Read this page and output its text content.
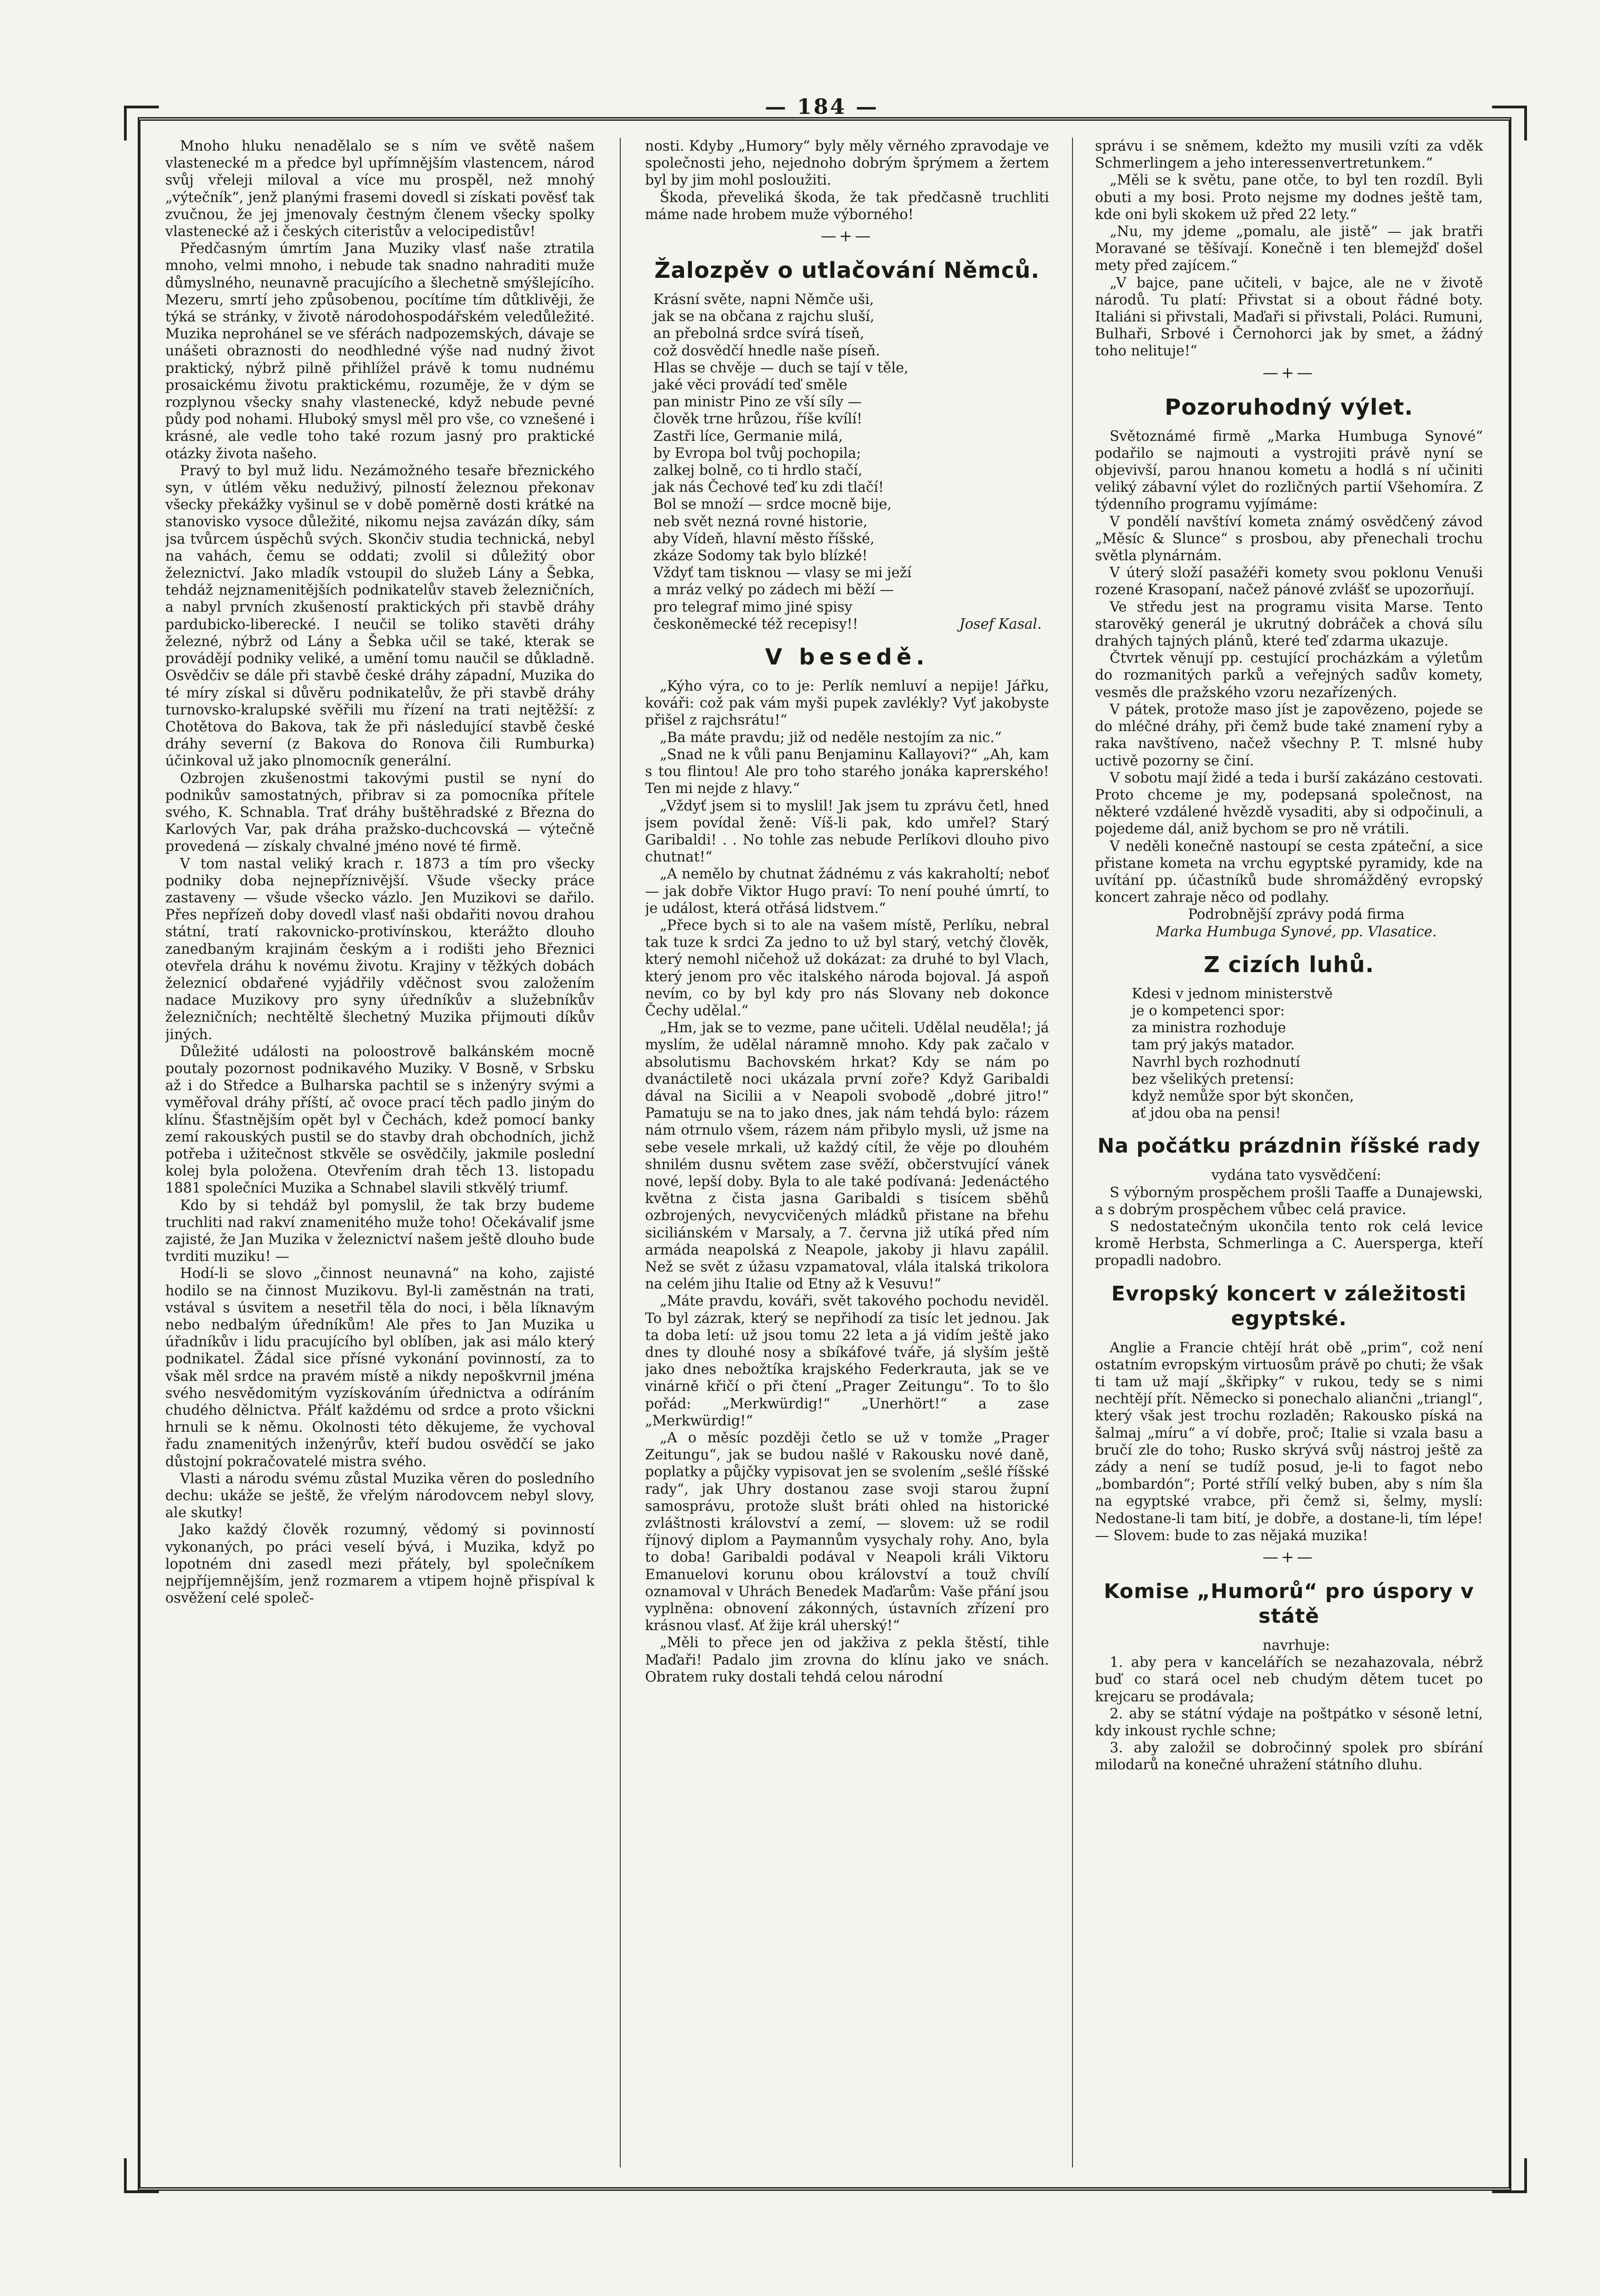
— 184 —

Mnoho hluku nenadělalo se s ním ve světě našem vlastenecké m a předce byl upřímnějším vlastencem, národ svůj vřeleji miloval a více mu prospěl, než mnohý „výtečník“, jenž planými frasemi dovedl si získati pověsť tak zvučnou, že jej jmenovaly čestným členem všecky spolky vlastenecké až i českých citeristův a velocipedistův!

Předčasným úmrtím Jana Muziky vlasť naše ztratila mnoho, velmi mnoho, i nebude tak snadno nahraditi muže důmyslného, neunavně pracujícího a šlechetně smýšlejícího. Mezeru, smrtí jeho způsobenou, pocítíme tím důtklivěji, že týká se stránky, v životě národohospodářském veledůležité. Muzika neprohánel se ve sférách nadpozemských, dávaje se unášeti obraznosti do neodhledné výše nad nudný život praktický, nýbrž pilně přihlížel právě k tomu nudnému prosaickému životu praktickému, rozuměje, že v dým se rozplynou všecky snahy vlastenecké, když nebude pevné půdy pod nohami. Hluboký smysl měl pro vše, co vznešené i krásné, ale vedle toho také rozum jasný pro praktické otázky života našeho.

Pravý to byl muž lidu. Nezámožného tesaře březnického syn, v útlém věku neduživý, pilností železnou překonav všecky překážky vyšinul se v době poměrně dosti krátké na stanovisko vysoce důležité, nikomu nejsa zavázán díky, sám jsa tvůrcem úspěchů svých. Skončiv studia technická, nebyl na vahách, čemu se oddati; zvolil si důležitý obor železnictví. Jako mladík vstoupil do služeb Lány a Šebka, tehdáž nejznamenitějších podnikatelův staveb železničních, a nabyl prvních zkušeností praktických při stavbě dráhy pardubicko-liberecké. I neučil se toliko stavěti dráhy železné, nýbrž od Lány a Šebka učil se také, kterak se provádějí podniky veliké, a umění tomu naučil se důkladně. Osvědčiv se dále při stavbě české dráhy západní, Muzika do té míry získal si důvěru podnikatelův, že při stavbě dráhy turnovsko-kralupské svěřili mu řízení na trati nejtěžší: z Chotětova do Bakova, tak že při následující stavbě české dráhy severní (z Bakova do Ronova čili Rumburka) účinkoval už jako plnomocník generální.

Ozbrojen zkušenostmi takovými pustil se nyní do podnikův samostatných, přibrav si za pomocníka přítele svého, K. Schnabla. Trať dráhy buštěhradské z Března do Karlových Var, pak dráha pražsko-duchcovská — výtečně provedená — získaly chvalné jméno nové té firmě.

V tom nastal veliký krach r. 1873 a tím pro všecky podniky doba nejnepříznivější. Všude všecky práce zastaveny — všude všecko vázlo. Jen Muzikovi se dařilo. Přes nepřízeň doby dovedl vlasť naši obdařiti novou drahou státní, tratí rakovnicko-protivínskou, kterážto dlouho zanedbaným krajinám českým a i rodišti jeho Březnici otevřela dráhu k novému životu. Krajiny v těžkých dobách železnicí obdařené vyjádřily vděčnost svou založením nadace Muzikovy pro syny úředníkův a služebníkův železničních; nechtěltě šlechetný Muzika přijmouti díkův jiných.

Důležité události na poloostrově balkánském mocně poutaly pozornost podnikavého Muziky. V Bosně, v Srbsku až i do Středce a Bulharska pachtil se s inženýry svými a vyměřoval dráhy příští, ač ovoce prací těch padlo jiným do klínu. Šťastnějším opět byl v Čechách, kdež pomocí banky zemí rakouských pustil se do stavby drah obchodních, jichž potřeba i užitečnost stkvěle se osvědčily, jakmile poslední kolej byla položena. Otevřením drah těch 13. listopadu 1881 společníci Muzika a Schnabel slavili stkvělý triumf.

Kdo by si tehdáž byl pomyslil, že tak brzy budeme truchliti nad rakví znamenitého muže toho! Očekávalif jsme zajisté, že Jan Muzika v železnictví našem ještě dlouho bude tvrditi muziku! —

Hodí-li se slovo „činnost neunavná“ na koho, zajisté hodilo se na činnost Muzikovu. Byl-li zaměstnán na trati, vstával s úsvitem a nesetřil těla do noci, i běla líknavým nebo nedbalým úředníkům! Ale přes to Jan Muzika u úřadníkův i lidu pracujícího byl oblíben, jak asi málo který podnikatel. Žádal sice přísné vykonání povinností, za to však měl srdce na pravém místě a nikdy nepoškvrnil jména svého nesvědomitým vyzískováním úřednictva a odíráním chudého dělnictva. Přálť každému od srdce a proto všickni hrnuli se k němu. Okolnosti této děkujeme, že vychoval řadu znamenitých inženýrův, kteří budou osvědčí se jako důstojní pokračovatelé mistra svého.

Vlasti a národu svému zůstal Muzika věren do posledního dechu: ukáže se ještě, že vřelým národovcem nebyl slovy, ale skutky!

Jako každý člověk rozumný, vědomý si povinností vykonaných, po práci veselí bývá, i Muzika, když po lopotném dni zasedl mezi přátely, byl společníkem nejpříjemnějším, jenž rozmarem a vtipem hojně přispíval k osvěžení celé společ-

nosti. Kdyby „Humory“ byly měly věrného zpravodaje ve společnosti jeho, nejednoho dobrým šprýmem a žertem byl by jim mohl posloužiti.

Škoda, převeliká škoda, že tak předčasně truchliti máme nade hrobem muže výborného!

—+—
Žalozpěv o utlačování Němců.
Krásní světe, napni Němče uši,
jak se na občana z rajchu sluší,
an přebolná srdce svírá tíseň,
což dosvědčí hnedle naše píseň.
Hlas se chvěje — duch se tají v těle,
jaké věci provádí teď směle
pan ministr Pino ze vší síly —
člověk trne hrůzou, říše kvílí!
Zastři líce, Germanie milá,
by Evropa bol tvůj pochopila;
zalkej bolně, co ti hrdlo stačí,
jak nás Čechové teď ku zdi tlačí!
Bol se množí — srdce mocně bije,
neb svět nezná rovné historie,
aby Vídeň, hlavní město říšské,
zkáze Sodomy tak bylo blízké!
Vždyť tam tisknou — vlasy se mi ježí
a mráz velký po zádech mi běží —
pro telegraf mimo jiné spisy
českoněmecké též recepisy!!	Josef Kasal.
V besedě.

„Kýho výra, co to je: Perlík nemluví a nepije! Jářku, kováři: což pak vám myši pupek zavlékly? Vyť jakobyste přišel z rajchsrátu!“

„Ba máte pravdu; již od neděle nestojím za nic.“

„Snad ne k vůli panu Benjaminu Kallayovi?“ „Ah, kam s tou flintou! Ale pro toho starého jonáka kaprerského! Ten mi nejde z hlavy.“

„Vždyť jsem si to myslil! Jak jsem tu zprávu četl, hned jsem povídal ženě: Víš-li pak, kdo umřel? Starý Garibaldi! . . No tohle zas nebude Perlíkovi dlouho pivo chutnat!“

„A nemělo by chutnat žádnému z vás kakraholtí; neboť — jak dobře Viktor Hugo praví: To není pouhé úmrtí, to je událost, která otřásá lidstvem.“

„Přece bych si to ale na vašem místě, Perlíku, nebral tak tuze k srdci Za jedno to už byl starý, vetchý člověk, který nemohl ničehož už dokázat: za druhé to byl Vlach, který jenom pro věc italského národa bojoval. Já aspoň nevím, co by byl kdy pro nás Slovany neb dokonce Čechy udělal.“

„Hm, jak se to vezme, pane učiteli. Udělal neuděla!; já myslím, že udělal náramně mnoho. Kdy pak začalo v absolutismu Bachovském hrkat? Kdy se nám po dvanáctiletě noci ukázala první zoře? Když Garibaldi dával na Sicilii a v Neapoli svobodě „dobré jitro!“ Pamatuju se na to jako dnes, jak nám tehdá bylo: rázem nám otrnulo všem, rázem nám přibylo mysli, už jsme na sebe vesele mrkali, už každý cítil, že věje po dlouhém shnilém dusnu světem zase svěží, občerstvující vánek nové, lepší doby. Byla to ale také podívaná: Jedenáctého května z čista jasna Garibaldi s tisícem sběhů ozbrojených, nevycvičených mládků přistane na břehu siciliánském v Marsaly, a 7. června již utíká před ním armáda neapolská z Neapole, jakoby ji hlavu zapálil. Než se svět z úžasu vzpamatoval, vlála italská trikolora na celém jihu Italie od Etny až k Vesuvu!“

„Máte pravdu, kováři, svět takového pochodu neviděl. To byl zázrak, který se nepřihodí za tisíc let jednou. Jak ta doba letí: už jsou tomu 22 leta a já vidím ještě jako dnes ty dlouhé nosy a sbíkáfové tváře, já slyším ještě jako dnes nebožtíka krajského Federkrauta, jak se ve vinárně křičí o při čtení „Prager Zeitungu“. To to šlo pořád: „Merkwürdig!“ „Unerhört!“ a zase „Merkwürdig!“

„A o měsíc později četlo se už v tomže „Prager Zeitungu“, jak se budou našlé v Rakousku nové daně, poplatky a půjčky vypisovat jen se svolením „sešlé říšské rady“, jak Uhry dostanou zase svoji starou župní samosprávu, protože slušt bráti ohled na historické zvláštnosti království a zemí, — slovem: už se rodil říjnový diplom a Paymannům vysychaly rohy. Ano, byla to doba! Garibaldi podával v Neapoli králi Viktoru Emanuelovi korunu obou království a touž chvílí oznamoval v Uhrách Benedek Maďarům: Vaše přání jsou vyplněna: obnovení zákonných, ústavních zřízení pro krásnou vlasť. Ať žije král uherský!“

„Měli to přece jen od jakživa z pekla štěstí, tihle Maďaři! Padalo jim zrovna do klínu jako ve snách. Obratem ruky dostali tehdá celou národní

správu i se sněmem, kdežto my musili vzíti za vděk Schmerlingem a jeho interessenvertretunkem.“

„Měli se k světu, pane otče, to byl ten rozdíl. Byli obuti a my bosi. Proto nejsme my dodnes ještě tam, kde oni byli skokem už před 22 lety.“

„Nu, my jdeme „pomalu, ale jistě“ — jak bratři Moravané se těšívají. Konečně i ten blemejžď došel mety před zajícem.“

„V bajce, pane učiteli, v bajce, ale ne v životě národů. Tu platí: Přivstat si a obout řádné boty. Italiáni si přivstali, Maďaři si přivstali, Poláci. Rumuni, Bulhaři, Srbové i Černohorci jak by smet, a žádný toho nelituje!“

—+—
Pozoruhodný výlet.

Světoznámé firmě „Marka Humbuga Synové“ podařilo se najmouti a vystrojiti právě nyní se objevivší, parou hnanou kometu a hodlá s ní učiniti veliký zábavní výlet do rozličných partií Všehomíra. Z týdenního programu vyjímáme:

V pondělí navštíví kometa známý osvědčený závod „Měsíc & Slunce“ s prosbou, aby přenechali trochu světla plynárnám.

V úterý složí pasažéři komety svou poklonu Venuši rozené Krasopaní, načež pánové zvlášť se upozorňují.

Ve středu jest na programu visita Marse. Tento starověký generál je ukrutný dobráček a chová sílu drahých tajných plánů, které teď zdarma ukazuje.

Čtvrtek věnují pp. cestující procházkám a výletům do rozmanitých parků a veřejných sadův komety, vesměs dle pražského vzoru nezařízených.

V pátek, protože maso jíst je zapovězeno, pojede se do mléčné dráhy, při čemž bude také znamení ryby a raka navštíveno, načež všechny P. T. mlsné huby uctivě pozorny se činí.

V sobotu mají židé a teda i burší zakázáno cestovati. Proto chceme je my, podepsaná společnost, na některé vzdálené hvězdě vysaditi, aby si odpočinuli, a pojedeme dál, aniž bychom se pro ně vrátili.

V neděli konečně nastoupí se cesta zpáteční, a sice přistane kometa na vrchu egyptské pyramidy, kde na uvítání pp. účastníků bude shromážděný evropský koncert zahraje něco od podlahy.

Podrobnější zprávy podá firma

Marka Humbuga Synové, pp. Vlasatice.

Z cizích luhů.
Kdesi v jednom ministerstvě
je o kompetenci spor:
za ministra rozhoduje
tam prý jakýs matador.
Navrhl bych rozhodnutí
bez všelikých pretensí:
když nemůže spor být skončen,
ať jdou oba na pensi!
Na počátku prázdnin říšské rady

vydána tato vysvědčení:

S výborným prospěchem prošli Taaffe a Dunajewski, a s dobrým prospěchem vůbec celá pravice.

S nedostatečným ukončila tento rok celá levice kromě Herbsta, Schmerlinga a C. Auersperga, kteří propadli nadobro.

Evropský koncert v záležitosti egyptské.

Anglie a Francie chtějí hrát obě „prim“, což není ostatním evropským virtuosům právě po chuti; že však ti tam už mají „škřipky“ v rukou, tedy se s nimi nechtějí přít. Německo si ponechalo aliančni „triangl“, který však jest trochu rozladěn; Rakousko píská na šalmaj „míru“ a ví dobře, proč; Italie si vzala basu a bručí zle do toho; Rusko skrývá svůj nástroj ještě za zády a není se tudíž posud, je-li to fagot nebo „bombardón“; Porté střílí velký buben, aby s ním šla na egyptské vrabce, při čemž si, šelmy, myslí: Nedostane-li tam bití, je dobře, a dostane-li, tím lépe! — Slovem: bude to zas nějaká muzika!

—+—
Komise „Humorů“ pro úspory v státě

navrhuje:

1. aby pera v kancelářích se nezahazovala, nébrž buď co stará ocel neb chudým dětem tucet po krejcaru se prodávala;

2. aby se státní výdaje na poštpátko v sésoně letní, kdy inkoust rychle schne;

3. aby založil se dobročinný spolek pro sbírání milodarů na konečné uhražení státního dluhu.
